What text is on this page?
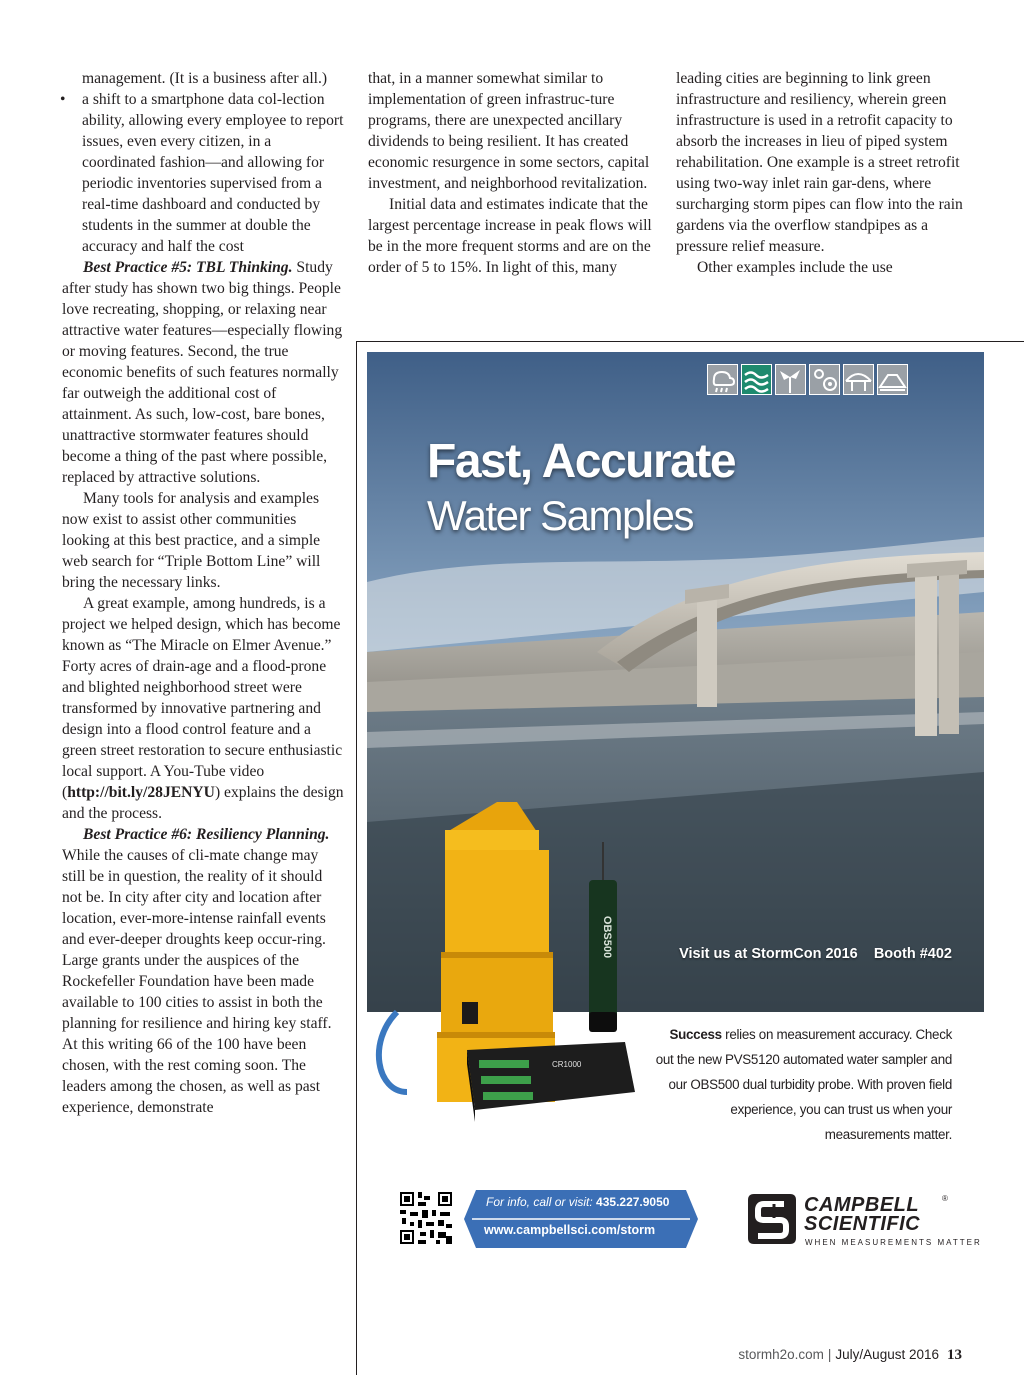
management. (It is a business after all.)

• a shift to a smartphone data col-lection ability, allowing every employee to report issues, even every citizen, in a coordinated fashion—and allowing for periodic inventories supervised from a real-time dashboard and conducted by students in the summer at double the accuracy and half the cost

Best Practice #5: TBL Thinking. Study after study has shown two big things. People love recreating, shopping, or relaxing near attractive water features—especially flowing or moving features. Second, the true economic benefits of such features normally far outweigh the additional cost of attainment. As such, low-cost, bare bones, unattractive stormwater features should become a thing of the past where possible, replaced by attractive solutions.

Many tools for analysis and examples now exist to assist other communities looking at this best practice, and a simple web search for “Triple Bottom Line” will bring the necessary links.

A great example, among hundreds, is a project we helped design, which has become known as “The Miracle on Elmer Avenue.” Forty acres of drain-age and a flood-prone and blighted neighborhood street were transformed by innovative partnering and design into a flood control feature and a green street restoration to secure enthusiastic local support. A You-Tube video (http://bit.ly/28JENYU) explains the design and the process.

Best Practice #6: Resiliency Planning. While the causes of cli-mate change may still be in question, the reality of it should not be. In city after city and location after location, ever-more-intense rainfall events and ever-deeper droughts keep occur-ring. Large grants under the auspices of the Rockefeller Foundation have been made available to 100 cities to assist in both the planning for resilience and hiring key staff. At this writing 66 of the 100 have been chosen, with the rest coming soon. The leaders among the chosen, as well as past experience, demonstrate

that, in a manner somewhat similar to implementation of green infrastruc-ture programs, there are unexpected ancillary dividends to being resilient. It has created economic resurgence in some sectors, capital investment, and neighborhood revitalization.

Initial data and estimates indicate that the largest percentage increase in peak flows will be in the more frequent storms and are on the order of 5 to 15%. In light of this, many

leading cities are beginning to link green infrastructure and resiliency, wherein green infrastructure is used in a retrofit capacity to absorb the increases in lieu of piped system rehabilitation. One example is a street retrofit using two-way inlet rain gar-dens, where surcharging storm pipes can flow into the rain gardens via the overflow standpipes as a pressure relief measure.

Other examples include the use

Fast, Accurate
Water Samples
OBS500
CR1000
Visit us at StormCon 2016    Booth #402
Success relies on measurement accuracy. Check out the new PVS5120 automated water sampler and our OBS500 dual turbidity probe. With proven field experience, you can trust us when your measurements matter.
For info, call or visit: 435.227.9050
www.campbellsci.com/storm
CAMPBELL
SCIENTIFIC
®
WHEN MEASUREMENTS MATTER
stormh2o.com | July/August 2016 13
